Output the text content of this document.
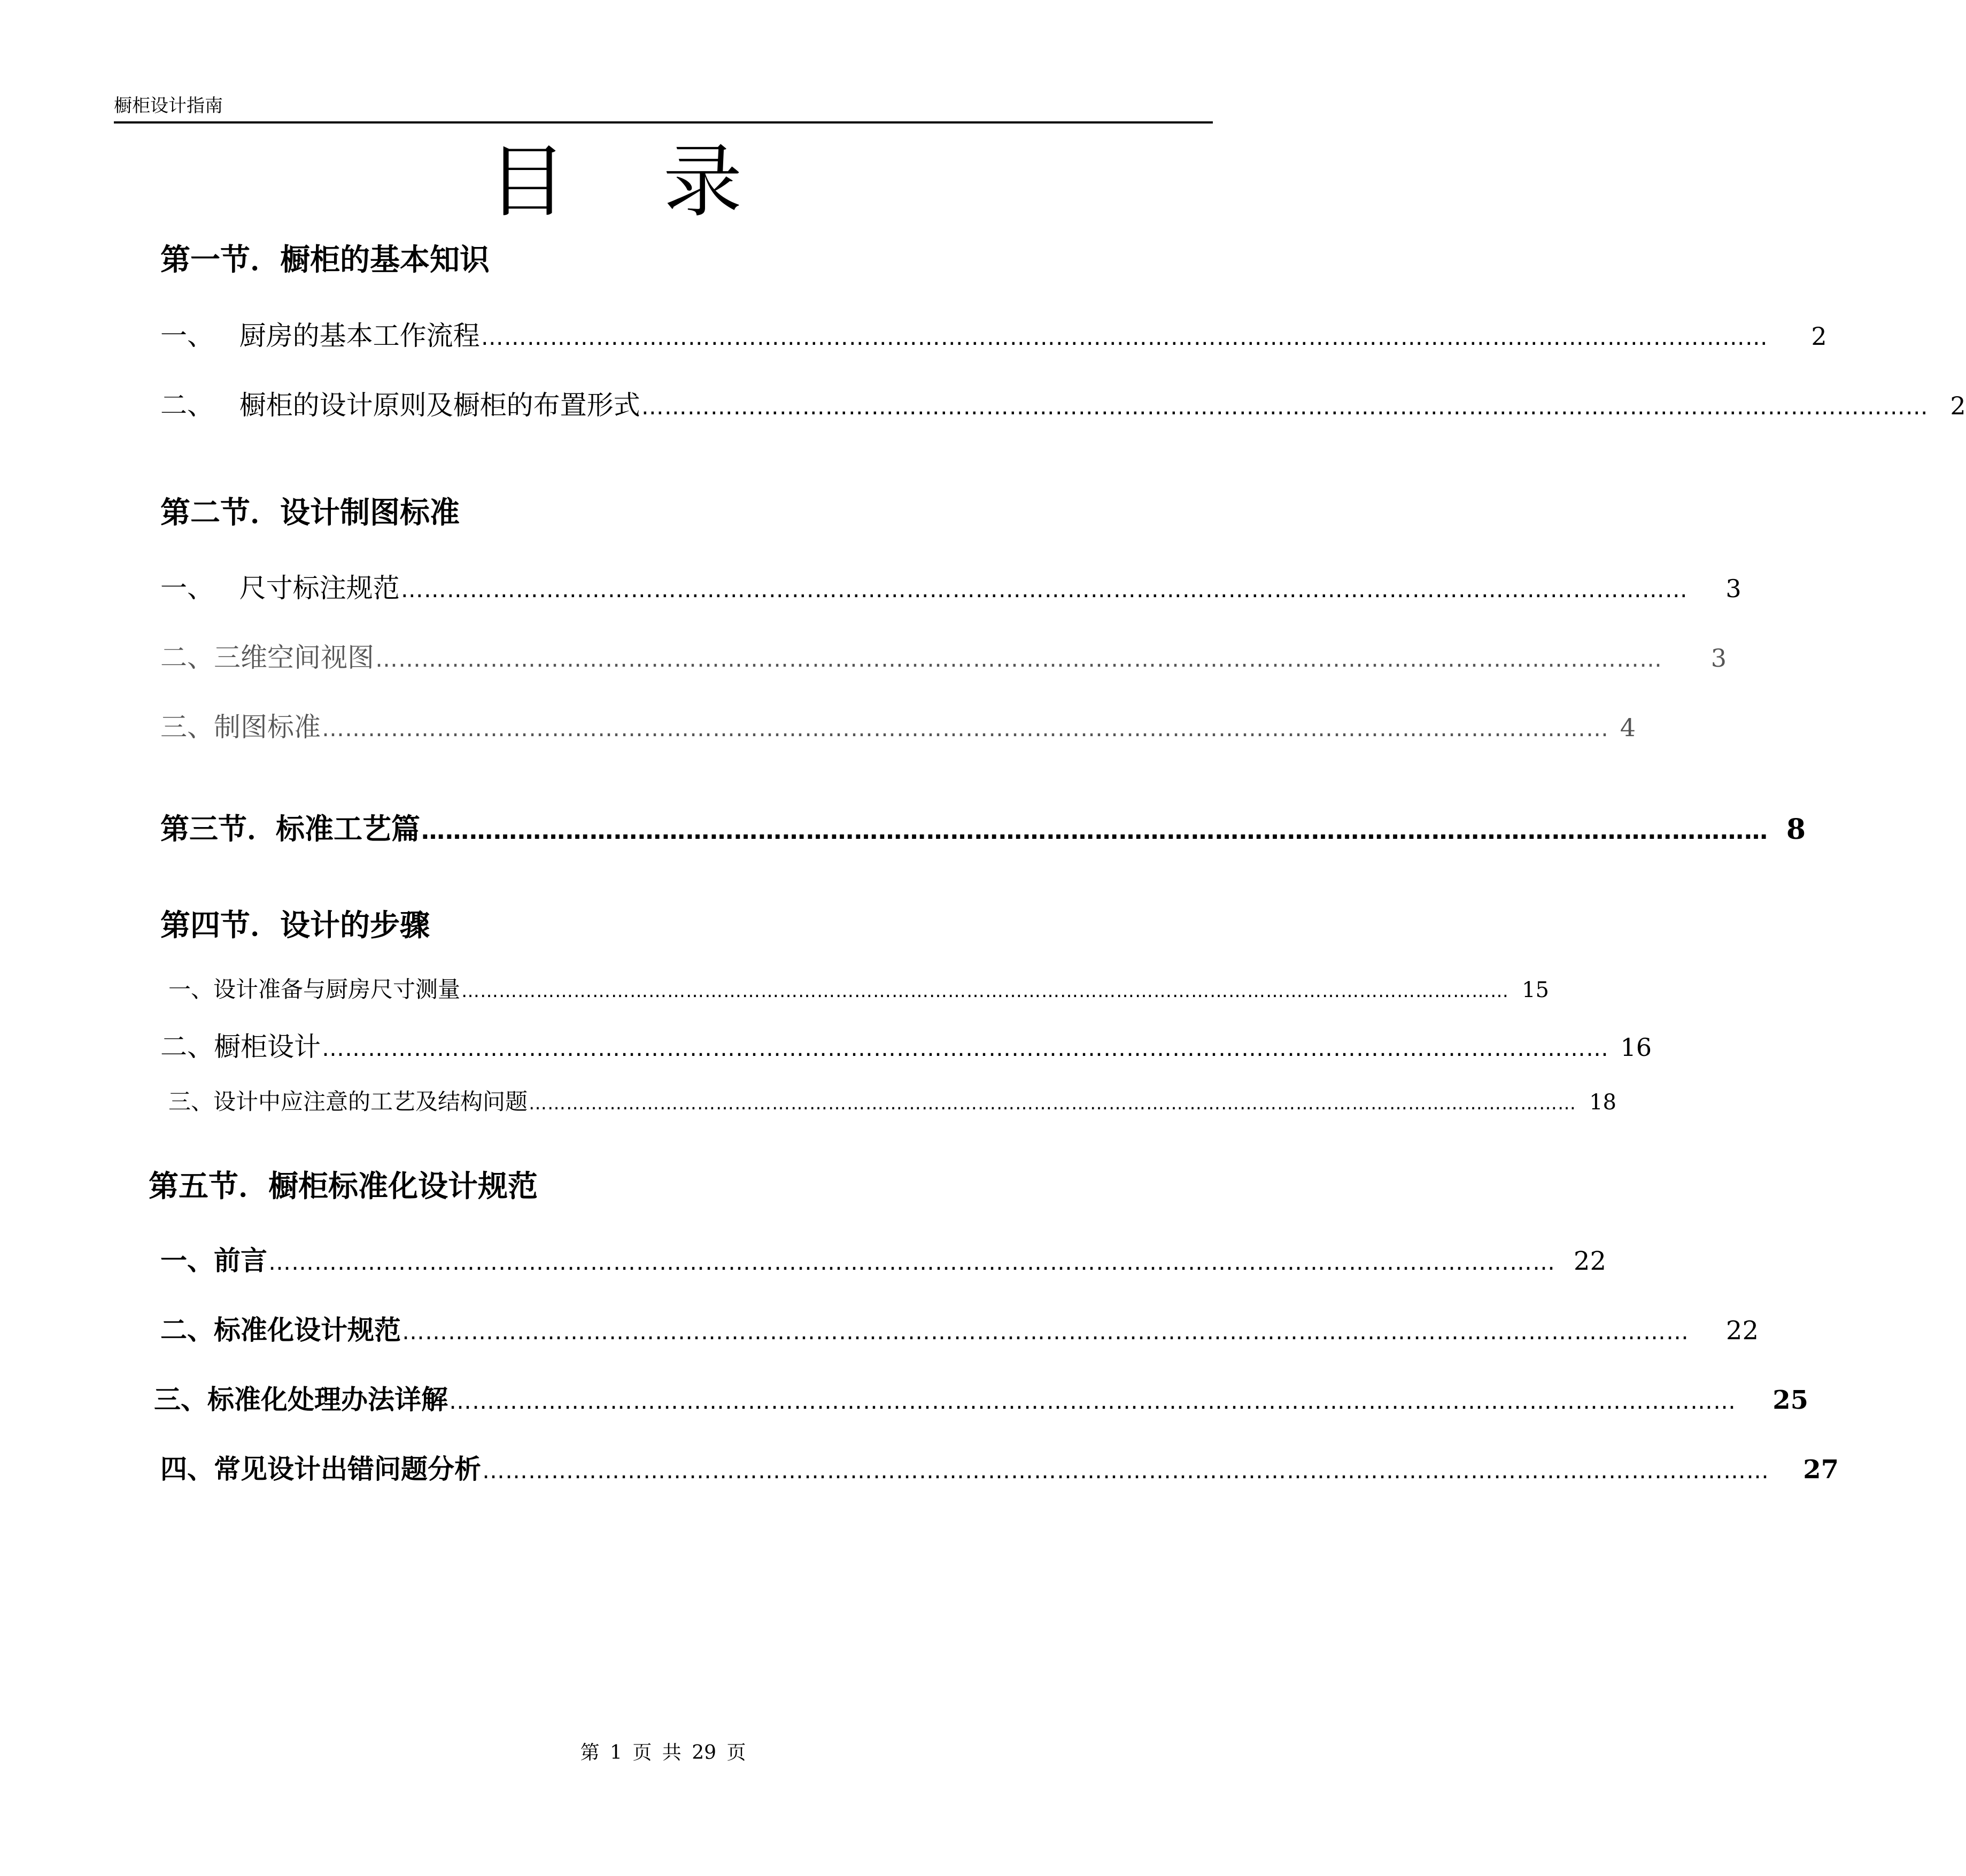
橱柜设计指南
目录
第一节．橱柜的基本知识
一、   厨房的基本工作流程 ……………………………………………………………………………………………………………………………………………………	2
二、   橱柜的设计原则及橱柜的布置形式 …………………………………………………………………………………………………………………………………………………… 2
第二节．设计制图标准
一、   尺寸标注规范 ……………………………………………………………………………………………………………………………………………………	3
二、三维空间视图 ……………………………………………………………………………………………………………………………………………………	3
三、制图标准 …………………………………………………………………………………………………………………………………………………… 4
第三节．标准工艺篇 …………………………………………………………………………………………………………………………………………………… 8
第四节．设计的步骤
一、设计准备与厨房尺寸测量 …………………………………………………………………………………………………………………………………………………… 15
二、橱柜设计 …………………………………………………………………………………………………………………………………………………… 16
三、设计中应注意的工艺及结构问题 …………………………………………………………………………………………………………………………………………………… 18
第五节．橱柜标准化设计规范
一、前言 …………………………………………………………………………………………………………………………………………………… 22
二、标准化设计规范 ……………………………………………………………………………………………………………………………………………………	22
三、标准化处理办法详解 ……………………………………………………………………………………………………………………………………………………	25
四、常见设计出错问题分析 ……………………………………………………………………………………………………………………………………………………	27
第 1 页 共 29 页
